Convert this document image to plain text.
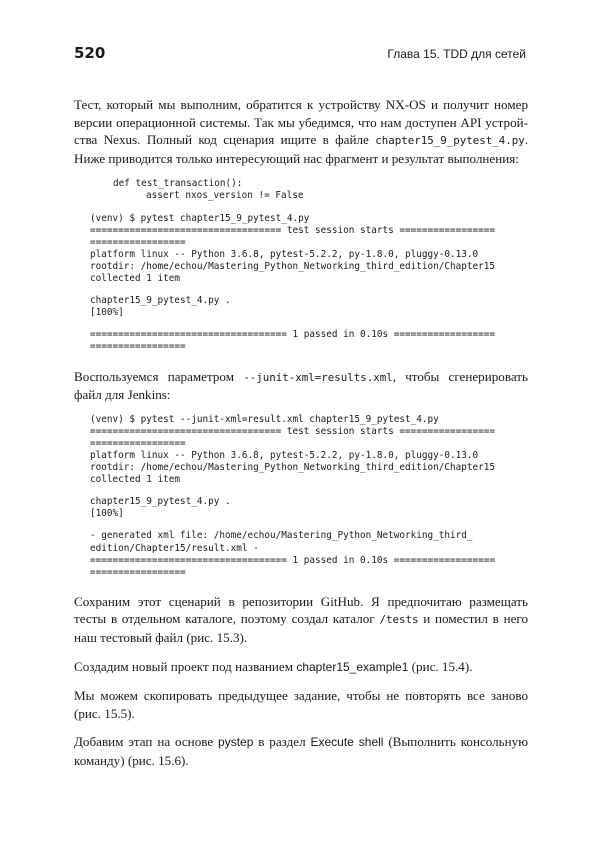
520	Глава 15. TDD для сетей

Тест, который мы выполним, обратится к устройству NX-OS и получит номер версии операционной системы. Так мы убедимся, что нам доступен API устрой-ства Nexus. Полный код сценария ищите в файле chapter15_9_pytest_4.py. Ниже приводится только интересующий нас фрагмент и результат выполнения:

def test_transaction():
assert nxos_version != False
(venv) $ pytest chapter15_9_pytest_4.py
================================== test session starts =================
=================
platform linux -- Python 3.6.8, pytest-5.2.2, py-1.8.0, pluggy-0.13.0
rootdir: /home/echou/Mastering_Python_Networking_third_edition/Chapter15
collected 1 item
chapter15_9_pytest_4.py .
[100%]
=================================== 1 passed in 0.10s ==================
=================

Воспользуемся параметром --junit-xml=results.xml, чтобы сгенерировать файл для Jenkins:

(venv) $ pytest --junit-xml=result.xml chapter15_9_pytest_4.py
================================== test session starts =================
=================
platform linux -- Python 3.6.8, pytest-5.2.2, py-1.8.0, pluggy-0.13.0
rootdir: /home/echou/Mastering_Python_Networking_third_edition/Chapter15
collected 1 item
chapter15_9_pytest_4.py .
[100%]
- generated xml file: /home/echou/Mastering_Python_Networking_third_
edition/Chapter15/result.xml -
=================================== 1 passed in 0.10s ==================
=================

Сохраним этот сценарий в репозитории GitHub. Я предпочитаю размещать тесты в отдельном каталоге, поэтому создал каталог /tests и поместил в него наш тестовый файл (рис. 15.3).

Создадим новый проект под названием chapter15_example1 (рис. 15.4).

Мы можем скопировать предыдущее задание, чтобы не повторять все заново (рис. 15.5).

Добавим этап на основе pystep в раздел Execute shell (Выполнить консольную команду) (рис. 15.6).
